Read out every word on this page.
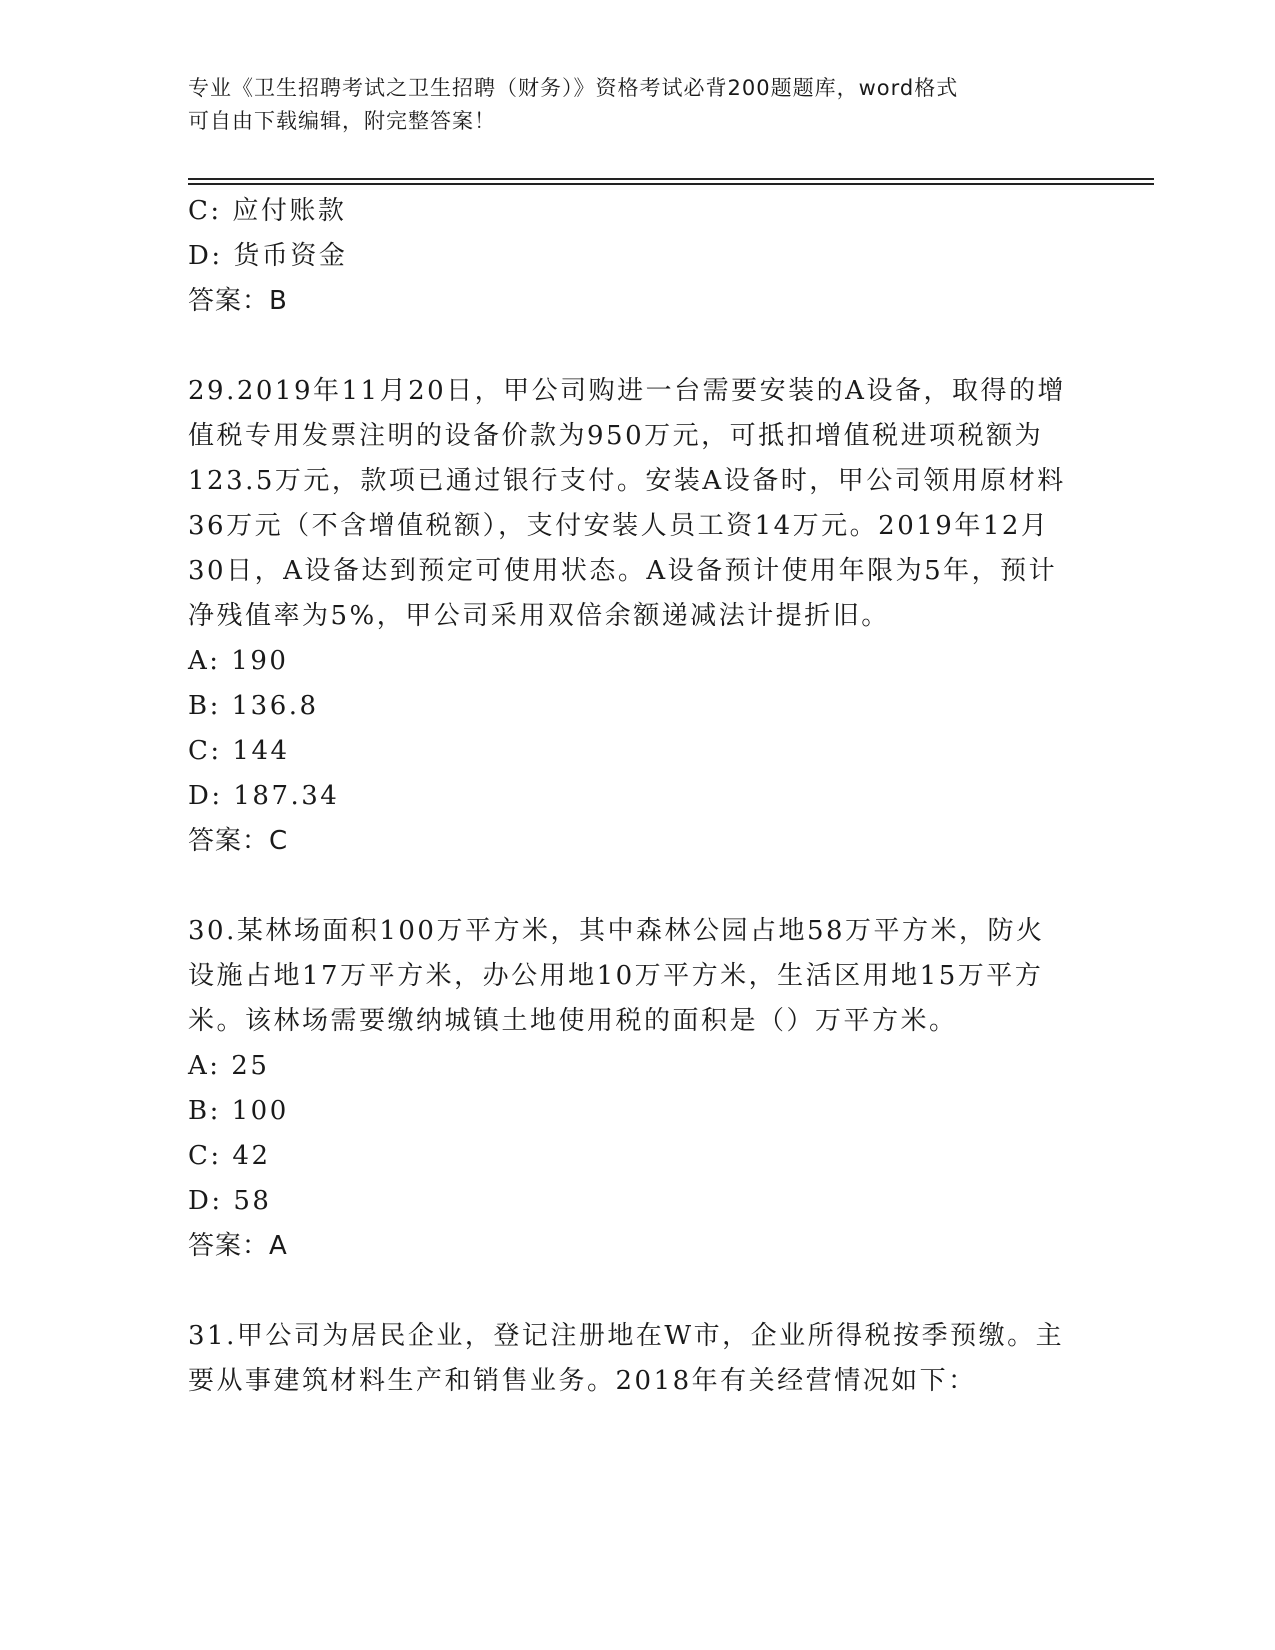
专业《卫生招聘考试之卫生招聘（财务）》资格考试必背200题题库，word格式
可自由下载编辑，附完整答案！
C: 应付账款
D: 货币资金
答案：B
29.2019年11月20日，甲公司购进一台需要安装的A设备，取得的增
值税专用发票注明的设备价款为950万元，可抵扣增值税进项税额为
123.5万元，款项已通过银行支付。安装A设备时，甲公司领用原材料
36万元（不含增值税额），支付安装人员工资14万元。2019年12月
30日，A设备达到预定可使用状态。A设备预计使用年限为5年，预计
净残值率为5%，甲公司采用双倍余额递减法计提折旧。
A: 190
B: 136.8
C: 144
D: 187.34
答案：C
30.某林场面积100万平方米，其中森林公园占地58万平方米，防火
设施占地17万平方米，办公用地10万平方米，生活区用地15万平方
米。该林场需要缴纳城镇土地使用税的面积是（）万平方米。
A: 25
B: 100
C: 42
D: 58
答案：A
31.甲公司为居民企业，登记注册地在W市，企业所得税按季预缴。主
要从事建筑材料生产和销售业务。2018年有关经营情况如下：
